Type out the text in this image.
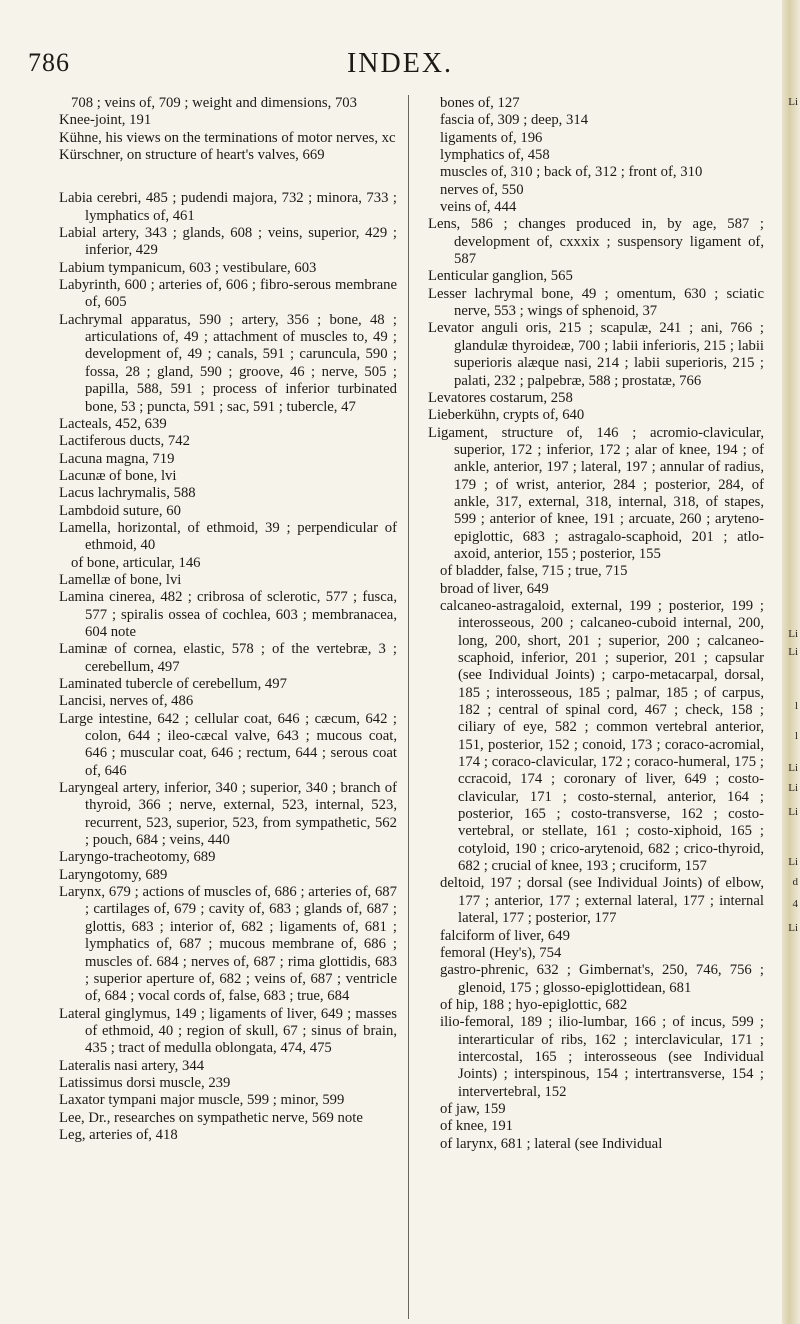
786	INDEX.
708 ; veins of, 709 ; weight and dimensions, 703
Knee-joint, 191
Kühne, his views on the terminations of motor nerves, xc
Kürschner, on structure of heart's valves, 669
Labia cerebri, 485 ; pudendi majora, 732 ; minora, 733 ; lymphatics of, 461
Labial artery, 343 ; glands, 608 ; veins, superior, 429 ; inferior, 429
Labium tympanicum, 603 ; vestibulare, 603
Labyrinth, 600 ; arteries of, 606 ; fibro-serous membrane of, 605
Lachrymal apparatus, 590 ; artery, 356 ; bone, 48 ; articulations of, 49 ; attachment of muscles to, 49 ; development of, 49 ; canals, 591 ; caruncula, 590 ; fossa, 28 ; gland, 590 ; groove, 46 ; nerve, 505 ; papilla, 588, 591 ; process of inferior turbinated bone, 53 ; puncta, 591 ; sac, 591 ; tubercle, 47
Lacteals, 452, 639
Lactiferous ducts, 742
Lacuna magna, 719
Lacunæ of bone, lvi
Lacus lachrymalis, 588
Lambdoid suture, 60
Lamella, horizontal, of ethmoid, 39 ; perpendicular of ethmoid, 40
of bone, articular, 146
Lamellæ of bone, lvi
Lamina cinerea, 482 ; cribrosa of sclerotic, 577 ; fusca, 577 ; spiralis ossea of cochlea, 603 ; membranacea, 604 note
Laminæ of cornea, elastic, 578 ; of the vertebræ, 3 ; cerebellum, 497
Laminated tubercle of cerebellum, 497
Lancisi, nerves of, 486
Large intestine, 642 ; cellular coat, 646 ; cæcum, 642 ; colon, 644 ; ileo-cæcal valve, 643 ; mucous coat, 646 ; muscular coat, 646 ; rectum, 644 ; serous coat of, 646
Laryngeal artery, inferior, 340 ; superior, 340 ; branch of thyroid, 366 ; nerve, external, 523, internal, 523, recurrent, 523, superior, 523, from sympathetic, 562 ; pouch, 684 ; veins, 440
Laryngo-tracheotomy, 689
Laryngotomy, 689
Larynx, 679 ; actions of muscles of, 686 ; arteries of, 687 ; cartilages of, 679 ; cavity of, 683 ; glands of, 687 ; glottis, 683 ; interior of, 682 ; ligaments of, 681 ; lymphatics of, 687 ; mucous membrane of, 686 ; muscles of. 684 ; nerves of, 687 ; rima glottidis, 683 ; superior aperture of, 682 ; veins of, 687 ; ventricle of, 684 ; vocal cords of, false, 683 ; true, 684
Lateral ginglymus, 149 ; ligaments of liver, 649 ; masses of ethmoid, 40 ; region of skull, 67 ; sinus of brain, 435 ; tract of medulla oblongata, 474, 475
Lateralis nasi artery, 344
Latissimus dorsi muscle, 239
Laxator tympani major muscle, 599 ; minor, 599
Lee, Dr., researches on sympathetic nerve, 569 note
Leg, arteries of, 418
bones of, 127
fascia of, 309 ; deep, 314
ligaments of, 196
lymphatics of, 458
muscles of, 310 ; back of, 312 ; front of, 310
nerves of, 550
veins of, 444
Lens, 586 ; changes produced in, by age, 587 ; development of, cxxxix ; suspensory ligament of, 587
Lenticular ganglion, 565
Lesser lachrymal bone, 49 ; omentum, 630 ; sciatic nerve, 553 ; wings of sphenoid, 37
Levator anguli oris, 215 ; scapulæ, 241 ; ani, 766 ; glandulæ thyroideæ, 700 ; labii inferioris, 215 ; labii superioris alæque nasi, 214 ; labii superioris, 215 ; palati, 232 ; palpebræ, 588 ; prostatæ, 766
Levatores costarum, 258
Lieberkühn, crypts of, 640
Ligament, structure of, 146 ; acromio-clavicular, superior, 172 ; inferior, 172 ; alar of knee, 194 ; of ankle, anterior, 197 ; lateral, 197 ; annular of radius, 179 ; of wrist, anterior, 284 ; posterior, 284, of ankle, 317, external, 318, internal, 318, of stapes, 599 ; anterior of knee, 191 ; arcuate, 260 ; aryteno-epiglottic, 683 ; astragalo-scaphoid, 201 ; atlo-axoid, anterior, 155 ; posterior, 155
of bladder, false, 715 ; true, 715
broad of liver, 649
calcaneo-astragaloid, external, 199 ; posterior, 199 ; interosseous, 200 ; calcaneo-cuboid internal, 200, long, 200, short, 201 ; superior, 200 ; calcaneo-scaphoid, inferior, 201 ; superior, 201 ; capsular (see Individual Joints) ; carpo-metacarpal, dorsal, 185 ; interosseous, 185 ; palmar, 185 ; of carpus, 182 ; central of spinal cord, 467 ; check, 158 ; ciliary of eye, 582 ; common vertebral anterior, 151, posterior, 152 ; conoid, 173 ; coraco-acromial, 174 ; coraco-clavicular, 172 ; coraco-humeral, 175 ; ccracoid, 174 ; coronary of liver, 649 ; costo-clavicular, 171 ; costo-sternal, anterior, 164 ; posterior, 165 ; costo-transverse, 162 ; costo-vertebral, or stellate, 161 ; costo-xiphoid, 165 ; cotyloid, 190 ; crico-arytenoid, 682 ; crico-thyroid, 682 ; crucial of knee, 193 ; cruciform, 157
deltoid, 197 ; dorsal (see Individual Joints) of elbow, 177 ; anterior, 177 ; external lateral, 177 ; internal lateral, 177 ; posterior, 177
falciform of liver, 649
femoral (Hey's), 754
gastro-phrenic, 632 ; Gimbernat's, 250, 746, 756 ; glenoid, 175 ; glosso-epiglottidean, 681
of hip, 188 ; hyo-epiglottic, 682
ilio-femoral, 189 ; ilio-lumbar, 166 ; of incus, 599 ; interarticular of ribs, 162 ; interclavicular, 171 ; intercostal, 165 ; interosseous (see Individual Joints) ; interspinous, 154 ; intertransverse, 154 ; intervertebral, 152
of jaw, 159
of knee, 191
of larynx, 681 ; lateral (see Individual
Li
Li
Li
l
l
Li
Li
Li
Li
d
4
Li
